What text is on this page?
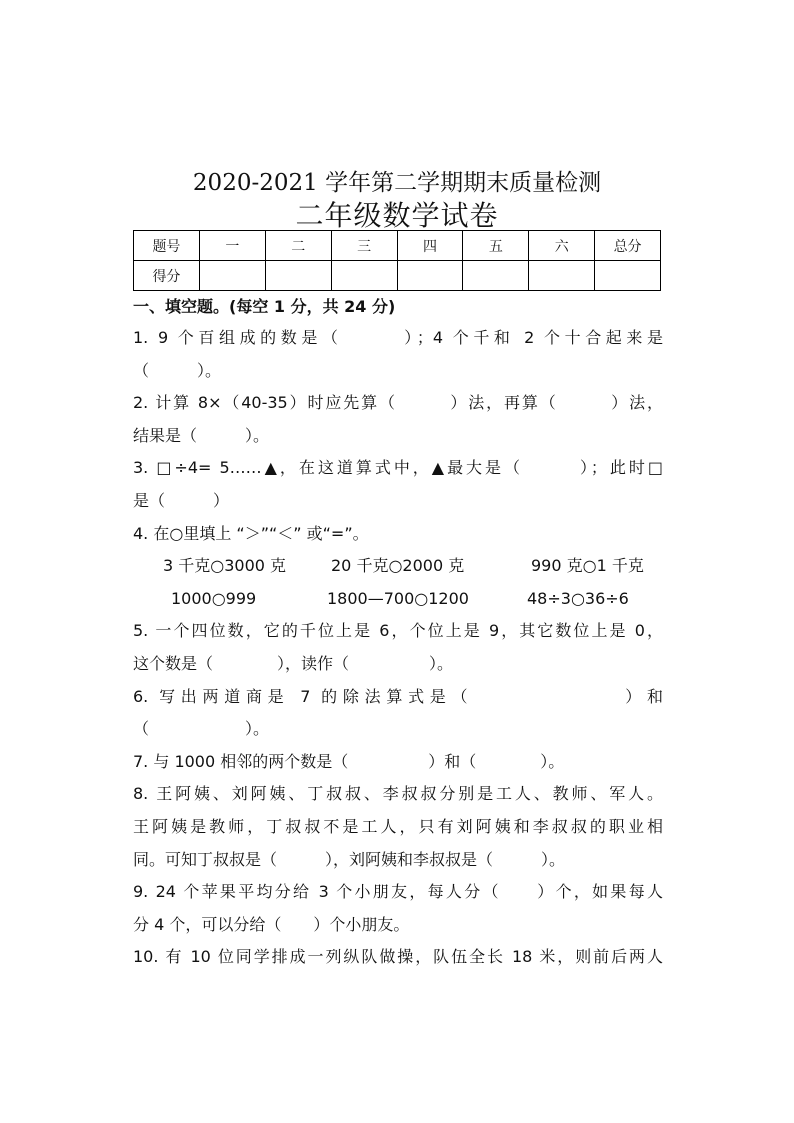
2020-2021 学年第二学期期末质量检测
二年级数学试卷
题号	一	二	三	四	五	六	总分
得分							
一、填空题。(每空 1 分，共 24 分)
1. 9 个百组成的数是（　　　）；4 个千和 2 个十合起来是
（　　　）。
2. 计算 8×（40-35）时应先算（　　　）法，再算（　　　）法，
结果是（　　　）。
3. □÷4= 5……▲，在这道算式中，▲最大是（　　　）；此时□
是（　　　）
4. 在○里填上 “＞”“＜” 或“=”。
3 千克○3000 克	20 千克○2000 克	990 克○1 千克
1000○999	1800—700○1200	48÷3○36÷6
5. 一个四位数，它的千位上是 6，个位上是 9，其它数位上是 0，
这个数是（　　　　），读作（　　　　　）。
6. 写出两道商是 7 的除法算式是（　　　　　　　）和
（　　　　　　）。
7. 与 1000 相邻的两个数是（　　　　　）和（　　　　）。
8. 王阿姨、刘阿姨、丁叔叔、李叔叔分别是工人、教师、军人。
王阿姨是教师，丁叔叔不是工人，只有刘阿姨和李叔叔的职业相
同。可知丁叔叔是（　　　），刘阿姨和李叔叔是（　　　）。
9. 24 个苹果平均分给 3 个小朋友，每人分（　　）个，如果每人
分 4 个，可以分给（　　）个小朋友。
10. 有 10 位同学排成一列纵队做操，队伍全长 18 米，则前后两人
